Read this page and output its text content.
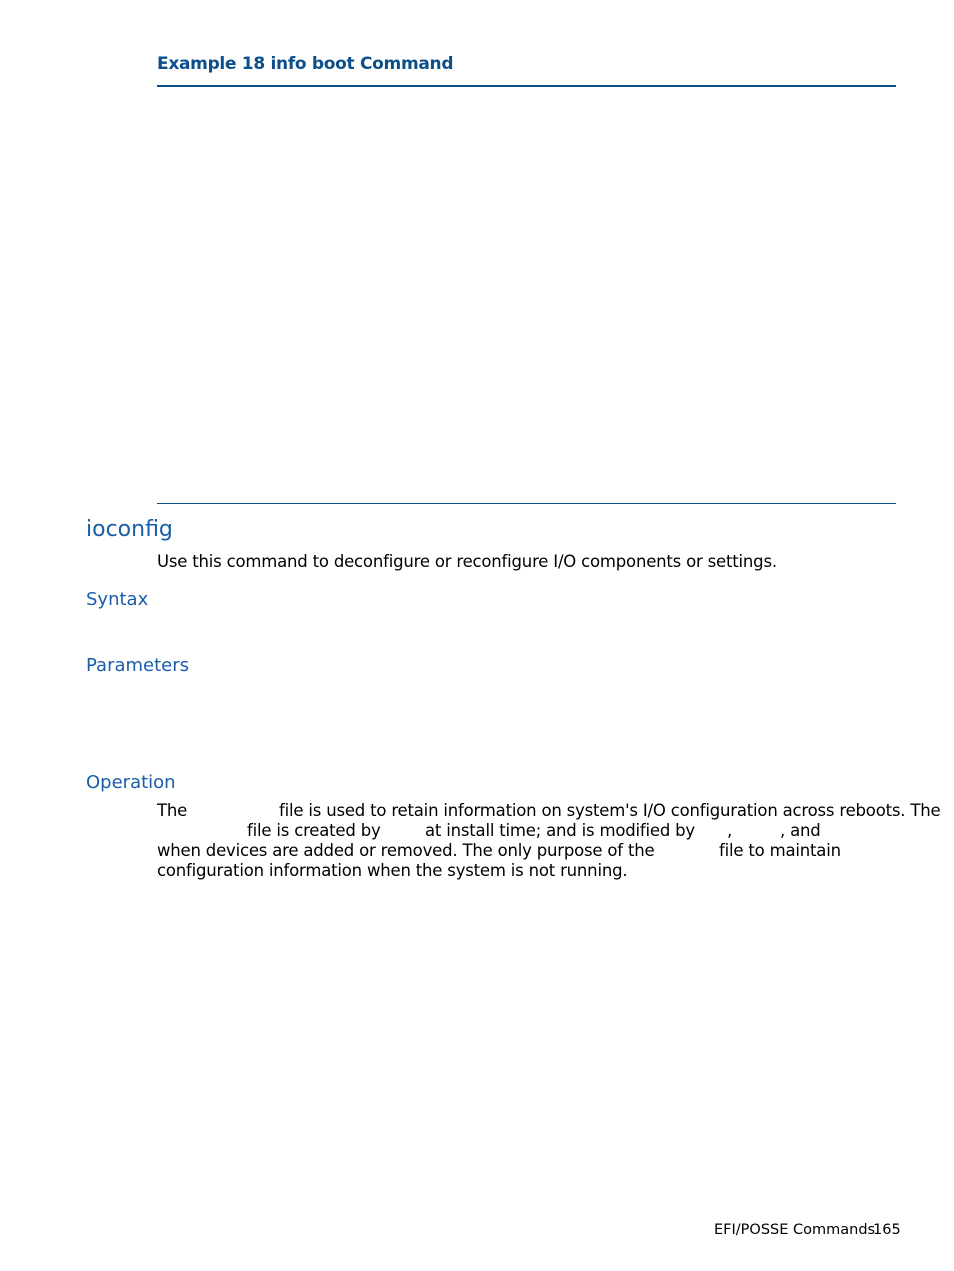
Example 18 info boot Command
ioconfig
Use this command to deconfigure or reconfigure I/O components or settings.
Syntax
Parameters
Operation
The	file is used to retain information on system's I/O configuration across reboots. The
file is created by	at install time; and is modified by ,	, and
when devices are added or removed. The only purpose of the	file to maintain
configuration information when the system is not running.
EFI/POSSE Commands
165
